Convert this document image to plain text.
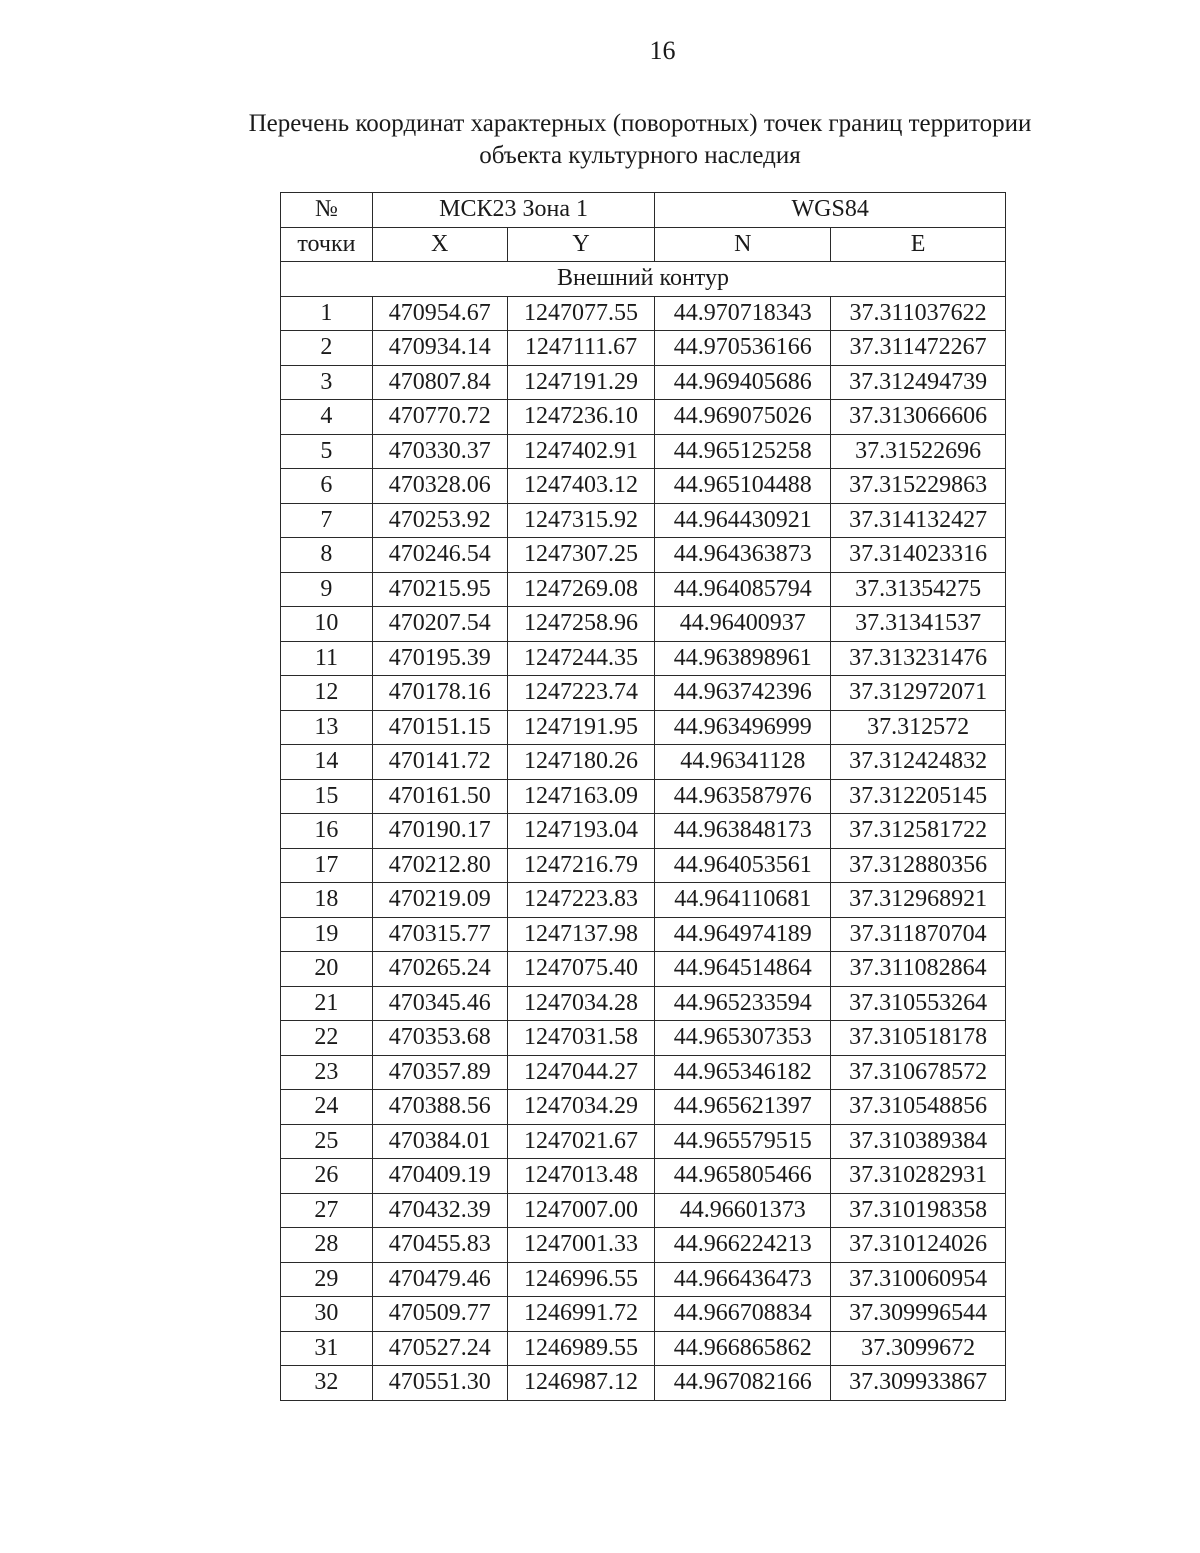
16
Перечень координат характерных (поворотных) точек границ территории
объекта культурного наследия
№	МСК23 Зона 1		WGS84	
точки	X	Y	N	E
Внешний контур				
1	470954.67	1247077.55	44.970718343	37.311037622
2	470934.14	1247111.67	44.970536166	37.311472267
3	470807.84	1247191.29	44.969405686	37.312494739
4	470770.72	1247236.10	44.969075026	37.313066606
5	470330.37	1247402.91	44.965125258	37.31522696
6	470328.06	1247403.12	44.965104488	37.315229863
7	470253.92	1247315.92	44.964430921	37.314132427
8	470246.54	1247307.25	44.964363873	37.314023316
9	470215.95	1247269.08	44.964085794	37.31354275
10	470207.54	1247258.96	44.96400937	37.31341537
11	470195.39	1247244.35	44.963898961	37.313231476
12	470178.16	1247223.74	44.963742396	37.312972071
13	470151.15	1247191.95	44.963496999	37.312572
14	470141.72	1247180.26	44.96341128	37.312424832
15	470161.50	1247163.09	44.963587976	37.312205145
16	470190.17	1247193.04	44.963848173	37.312581722
17	470212.80	1247216.79	44.964053561	37.312880356
18	470219.09	1247223.83	44.964110681	37.312968921
19	470315.77	1247137.98	44.964974189	37.311870704
20	470265.24	1247075.40	44.964514864	37.311082864
21	470345.46	1247034.28	44.965233594	37.310553264
22	470353.68	1247031.58	44.965307353	37.310518178
23	470357.89	1247044.27	44.965346182	37.310678572
24	470388.56	1247034.29	44.965621397	37.310548856
25	470384.01	1247021.67	44.965579515	37.310389384
26	470409.19	1247013.48	44.965805466	37.310282931
27	470432.39	1247007.00	44.96601373	37.310198358
28	470455.83	1247001.33	44.966224213	37.310124026
29	470479.46	1246996.55	44.966436473	37.310060954
30	470509.77	1246991.72	44.966708834	37.309996544
31	470527.24	1246989.55	44.966865862	37.3099672
32	470551.30	1246987.12	44.967082166	37.309933867
